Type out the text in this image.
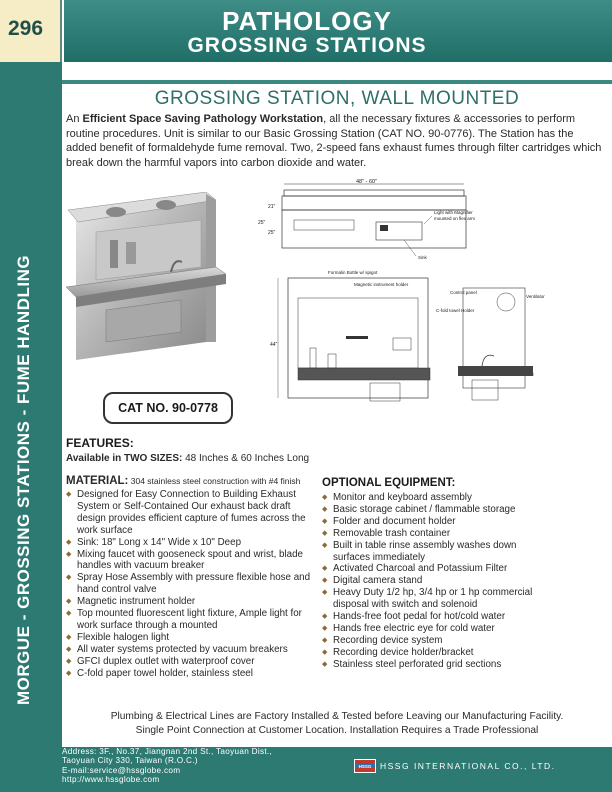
296	PATHOLOGY
GROSSING STATIONS
MORGUE - GROSSING STATIONS - FUME HANDLING
GROSSING STATION, WALL MOUNTED
An Efficient Space Saving Pathology Workstation, all the necessary fixtures & accessories to perform routine procedures. Unit is similar to our Basic Grossing Station (CAT NO. 90-0776). The Station has the added benefit of formaldehyde fume removal. Two, 2-speed fans exhaust fumes through filter cartridges which break down the harmful vapors into carbon dioxide and water.
48" - 60"
21"
25"
25"
Light with Magnifier
mounted on flex arm
Sink
Formalin Bottle w/ spigot
Magnetic instrument holder
Control panel
C-fold towel Holder
Ventilator
44"
CAT NO. 90-0778
FEATURES:
Available in TWO SIZES: 48 Inches & 60 Inches Long
MATERIAL: 304 stainless steel construction with #4 finish
◆ Designed for Easy Connection to Building Exhaust System or Self-Contained Our exhaust back draft design provides efficient capture of fumes across the work surface
◆ Sink: 18" Long x 14" Wide x 10" Deep
◆ Mixing faucet with gooseneck spout and wrist, blade handles with vacuum breaker
◆ Spray Hose Assembly with pressure flexible hose and hand control valve
◆ Magnetic instrument holder
◆ Top mounted fluorescent light fixture, Ample light for work surface through a mounted
◆ Flexible halogen light
◆ All water systems protected by vacuum breakers
◆ GFCI duplex outlet with waterproof cover
◆ C-fold paper towel holder, stainless steel
OPTIONAL EQUIPMENT:
◆ Monitor and keyboard assembly
◆ Basic storage cabinet / flammable storage
◆ Folder and document holder
◆ Removable trash container
◆ Built in table rinse assembly washes down surfaces immediately
◆ Activated Charcoal and Potassium Filter
◆ Digital camera stand
◆ Heavy Duty 1/2 hp, 3/4 hp or 1 hp commercial disposal with switch and solenoid
◆ Hands-free foot pedal for hot/cold water
◆ Hands free electric eye for cold water
◆ Recording device system
◆ Recording device holder/bracket
◆ Stainless steel perforated grid sections
Plumbing & Electrical Lines are Factory Installed & Tested before Leaving our Manufacturing Facility.
Single Point Connection at Customer Location. Installation Requires a Trade Professional
Address: 3F., No.37, Jiangnan 2nd St., Taoyuan Dist.,
Taoyuan City 330, Taiwan (R.O.C.)
E-mail:service@hssglobe.com
http://www.hssglobe.com
HSSG HSSG INTERNATIONAL CO., LTD.
